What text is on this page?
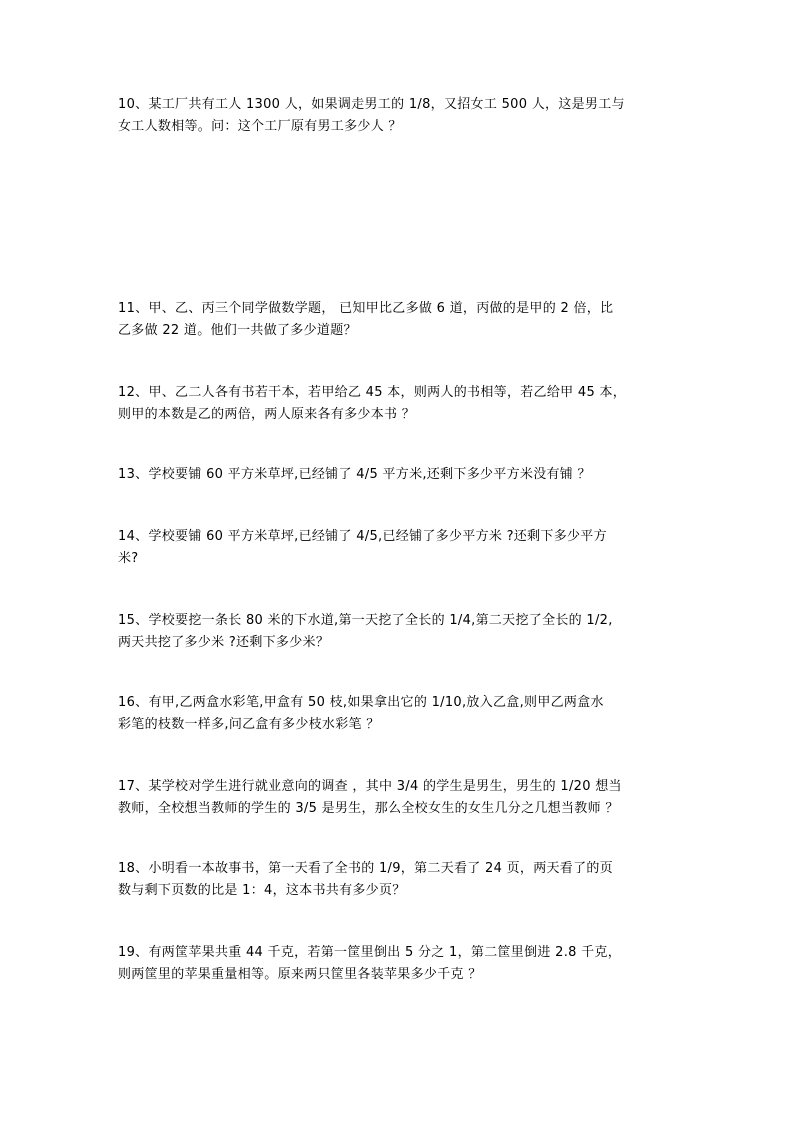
10、某工厂共有工人 1300 人，如果调走男工的 1/8，又招女工 500 人，这是男工与
女工人数相等。问：这个工厂原有男工多少人 ？
11、甲、乙、丙三个同学做数学题， 已知甲比乙多做 6 道，丙做的是甲的 2 倍，比
乙多做 22 道。他们一共做了多少道题？
12、甲、乙二人各有书若干本，若甲给乙 45 本，则两人的书相等，若乙给甲 45 本，
则甲的本数是乙的两倍，两人原来各有多少本书 ？
13、学校要铺 60 平方米草坪,已经铺了 4/5 平方米,还剩下多少平方米没有铺 ？
14、学校要铺 60 平方米草坪,已经铺了 4/5,已经铺了多少平方米 ?还剩下多少平方
米?
15、学校要挖一条长 80 米的下水道,第一天挖了全长的 1/4,第二天挖了全长的 1/2,
两天共挖了多少米 ?还剩下多少米？
16、有甲,乙两盒水彩笔,甲盒有 50 枝,如果拿出它的 1/10,放入乙盒,则甲乙两盒水
彩笔的枝数一样多,问乙盒有多少枝水彩笔 ？
17、某学校对学生进行就业意向的调查 ，其中 3/4 的学生是男生，男生的 1/20 想当
教师，全校想当教师的学生的 3/5 是男生，那么全校女生的女生几分之几想当教师 ？
18、小明看一本故事书，第一天看了全书的 1/9，第二天看了 24 页，两天看了的页
数与剩下页数的比是 1：4，这本书共有多少页？
19、有两筐苹果共重 44 千克，若第一筐里倒出 5 分之 1，第二筐里倒进 2.8 千克，
则两筐里的苹果重量相等。原来两只筐里各装苹果多少千克 ？
